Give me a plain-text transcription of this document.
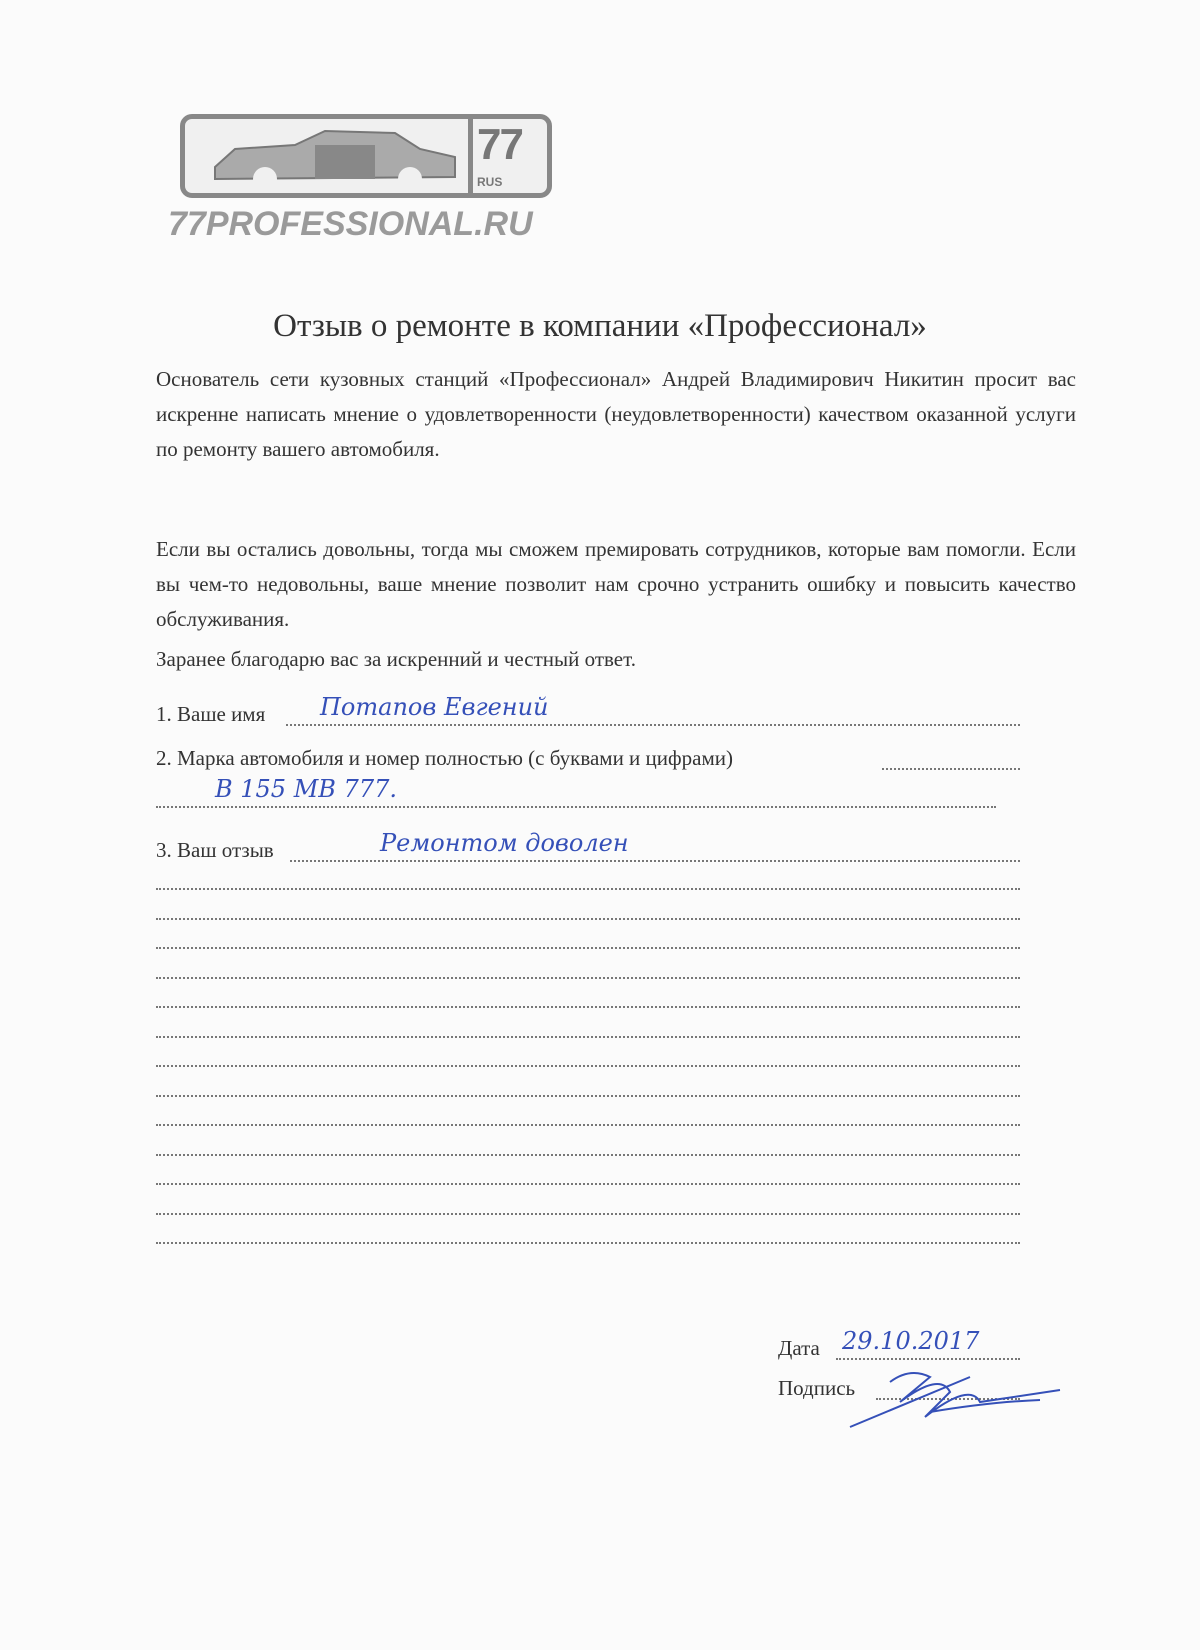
77
RUS
77PROFESSIONAL.RU
Отзыв о ремонте в компании «Профессионал»
Основатель сети кузовных станций «Профессионал» Андрей Владимирович Никитин просит вас искренне написать мнение о удовлетворенности (неудовлетворенности) качеством оказанной услуги по ремонту вашего автомобиля.
Если вы остались довольны, тогда мы сможем премировать сотрудников, которые вам помогли. Если вы чем-то недовольны, ваше мнение позволит нам срочно устранить ошибку и повысить качество обслуживания.
Заранее благодарю вас за искренний и честный ответ.
1. Ваше имя Потапов Евгений
2. Марка автомобиля и номер полностью (с буквами и цифрами)
В 155 МВ 777.
3. Ваш отзыв	Ремонтом доволен
Дата 29.10.2017
Подпись
